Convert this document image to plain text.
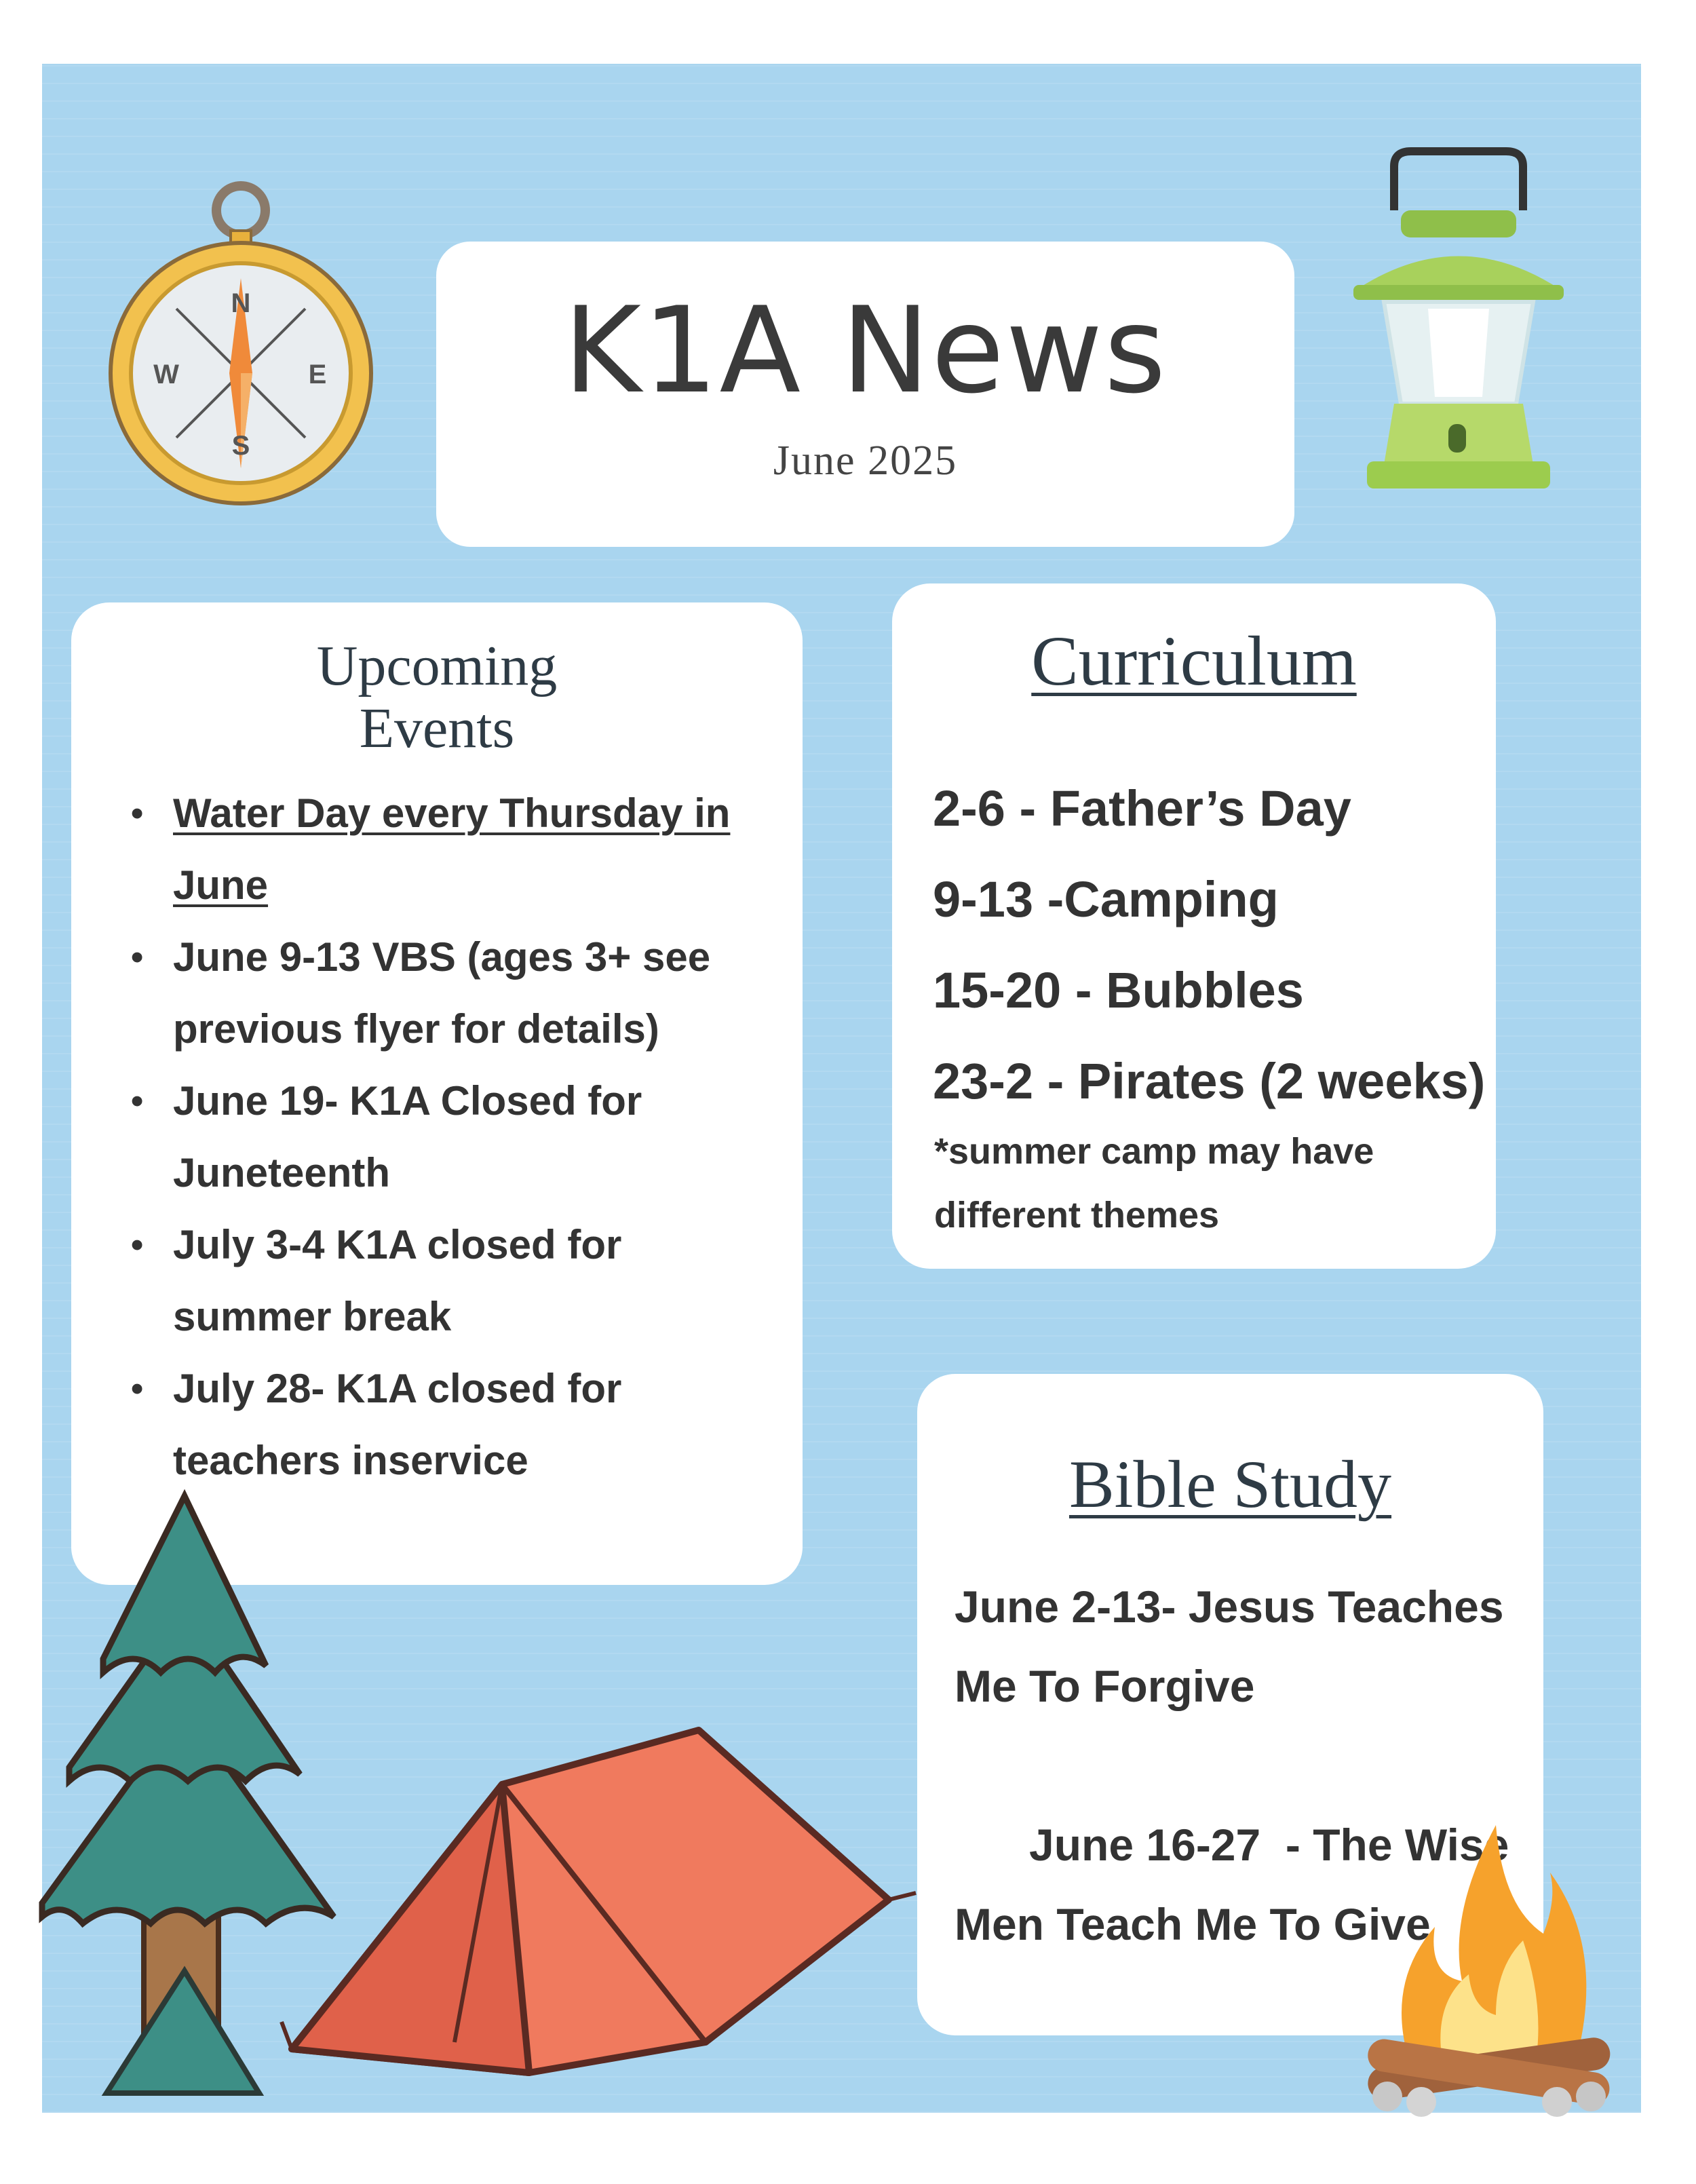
N
S
W	E	K1A News
June 2025
Upcoming Events
• Water Day every Thursday in June
• June 9-13 VBS (ages 3+ see previous flyer for details)
• June 19- K1A Closed for Juneteenth
• July 3-4 K1A closed for summer break
• July 28- K1A closed for teachers inservice
Curriculum
2-6 - Father’s Day
9-13 -Camping
15-20 - Bubbles
23-2 - Pirates (2 weeks)
*summer camp may have different themes
Bible Study
June 2-13- Jesus Teaches Me To Forgive

June 16-27  - The Wise Men Teach Me To Give
